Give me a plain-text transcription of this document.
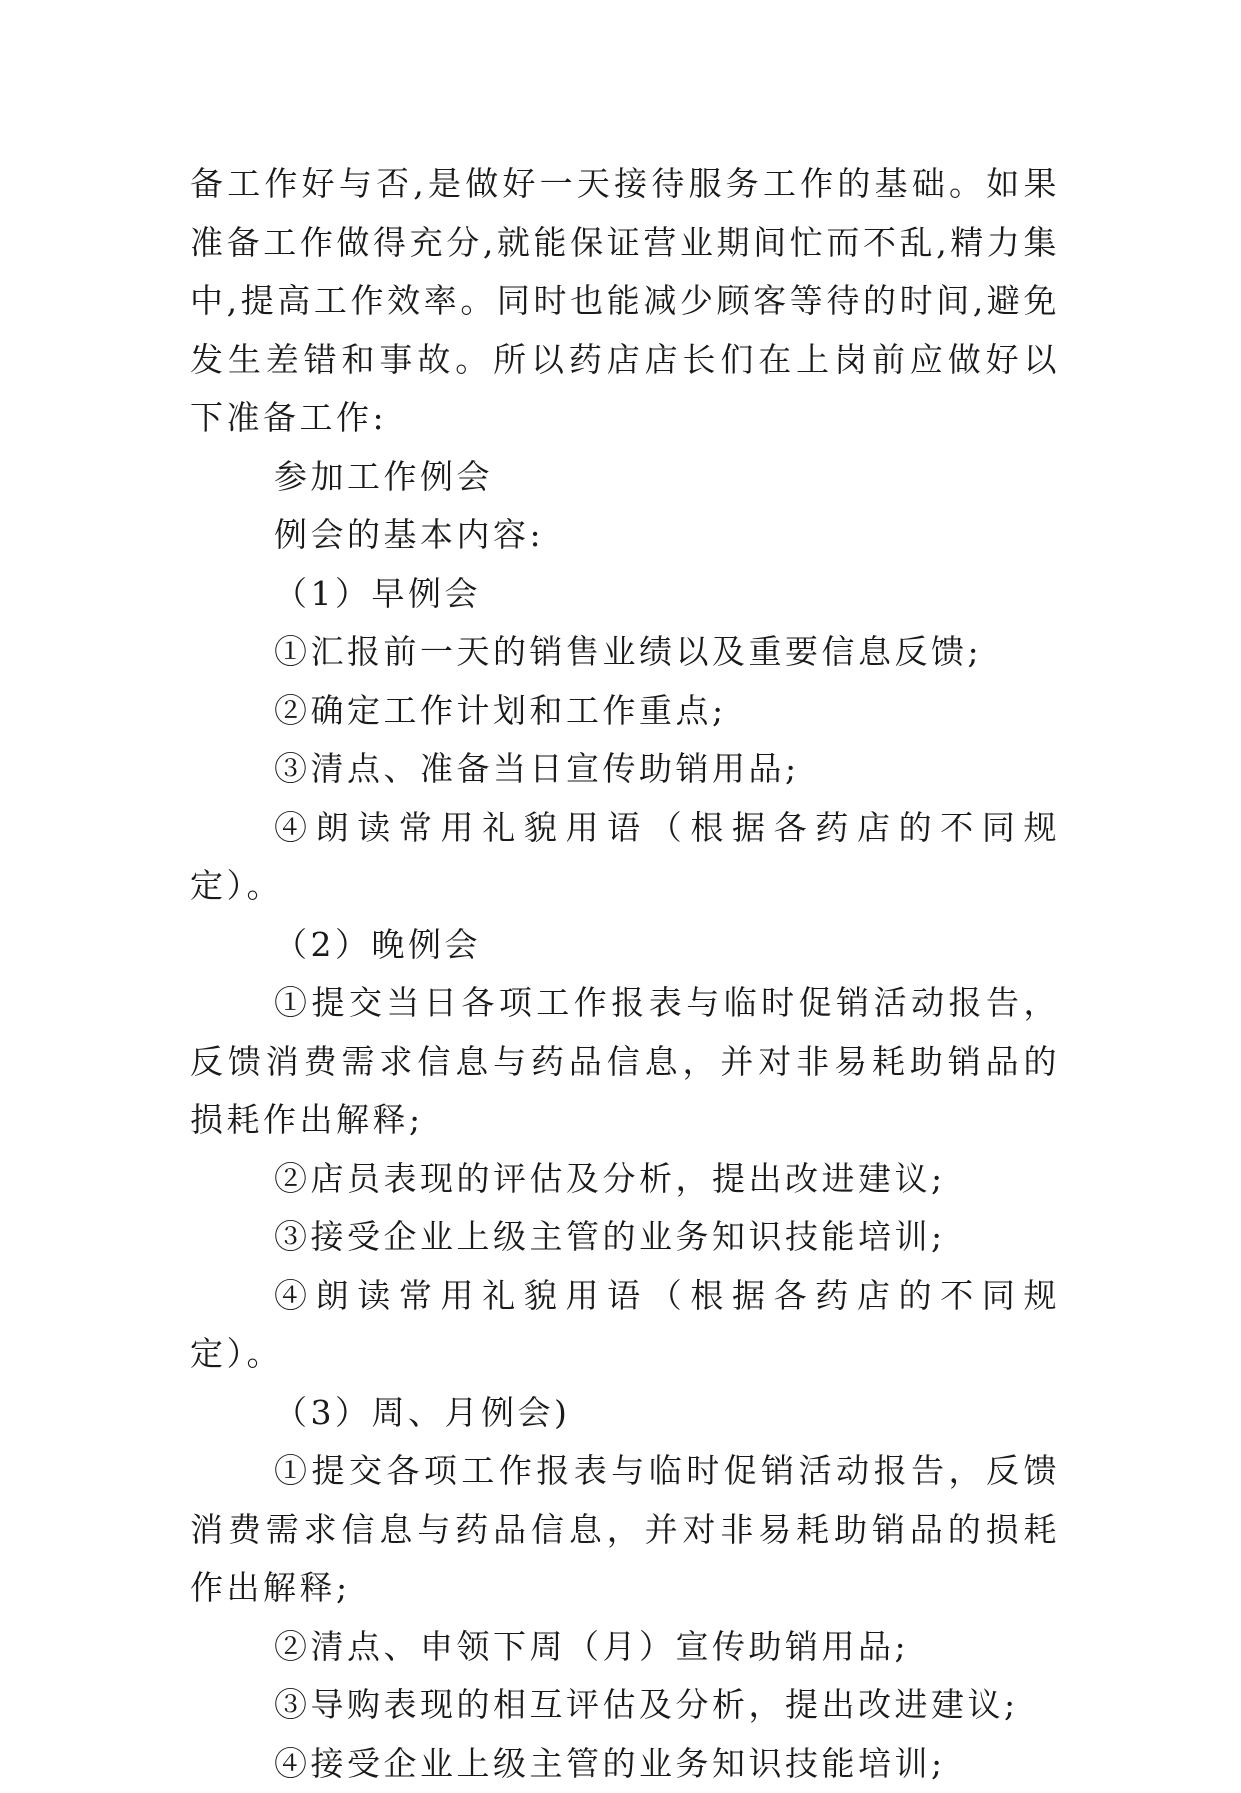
备工作好与否,是做好一天接待服务工作的基础。如果准备工作做得充分,就能保证营业期间忙而不乱,精力集中,提高工作效率。同时也能减少顾客等待的时间,避免发生差错和事故。所以药店店长们在上岗前应做好以下准备工作:

参加工作例会

例会的基本内容:

（1）早例会

①汇报前一天的销售业绩以及重要信息反馈;

②确定工作计划和工作重点;

③清点、准备当日宣传助销用品;

④朗读常用礼貌用语（根据各药店的不同规定）。

（2）晚例会

①提交当日各项工作报表与临时促销活动报告，反馈消费需求信息与药品信息，并对非易耗助销品的损耗作出解释;

②店员表现的评估及分析，提出改进建议;

③接受企业上级主管的业务知识技能培训;

④朗读常用礼貌用语（根据各药店的不同规定）。

（3）周、月例会)

①提交各项工作报表与临时促销活动报告，反馈消费需求信息与药品信息，并对非易耗助销品的损耗作出解释;

②清点、申领下周（月）宣传助销用品;

③导购表现的相互评估及分析，提出改进建议;

④接受企业上级主管的业务知识技能培训;
